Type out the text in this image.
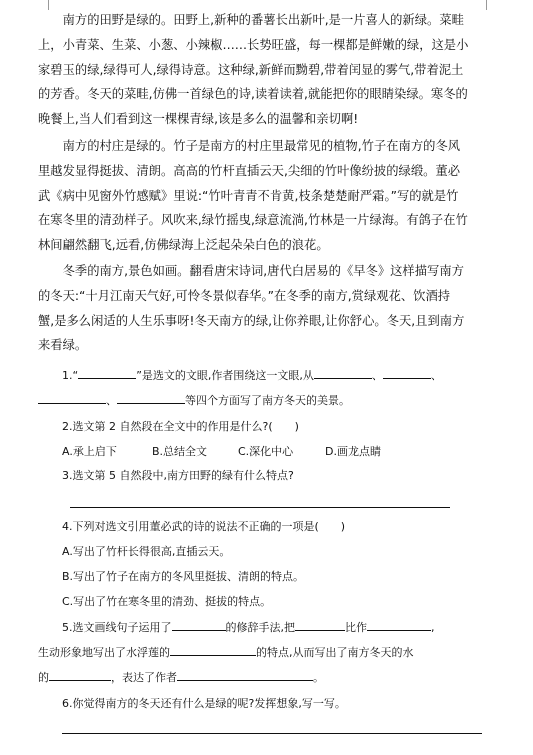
　　南方的田野是绿的。田野上,新种的番薯长出新叶,是一片喜人的新绿。菜畦
上，小青菜、生菜、小葱、小辣椒……长势旺盛，每一棵都是鲜嫩的绿，这是小
家碧玉的绿,绿得可人,绿得诗意。这种绿,新鲜而黝碧,带着闰显的雾气,带着泥土
的芳香。冬天的菜畦,仿佛一首绿色的诗,读着读着,就能把你的眼睛染绿。寒冬的
晚餐上,当人们看到这一棵棵青绿,该是多么的温馨和亲切啊!
　　南方的村庄是绿的。竹子是南方的村庄里最常见的植物,竹子在南方的冬风
里越发显得挺拔、清朗。高高的竹杆直插云天,尖细的竹叶像纷披的绿缎。董必
武《病中见窗外竹感赋》里说:“竹叶青青不肯黄,枝条楚楚耐严霜。”写的就是竹
在寒冬里的清劲样子。风吹来,绿竹摇曳,绿意流淌,竹林是一片绿海。有鸽子在竹
林间翩然翻飞,远看,仿佛绿海上泛起朵朵白色的浪花。
　　冬季的南方,景色如画。翻看唐宋诗词,唐代白居易的《早冬》这样描写南方
的冬天:“十月江南天气好,可怜冬景似春华。”在冬季的南方,赏绿观花、饮酒持
蟹,是多么闲适的人生乐事呀!冬天南方的绿,让你养眼,让你舒心。冬天,且到南方
来看绿。
1.“	”是选文的文眼,作者围绕这一文眼,从	、	、
、	等四个方面写了南方冬天的美景。
2.选文第 2 自然段在全文中的作用是什么?(　　)
A.承上启下	B.总结全文	C.深化中心	D.画龙点睛
3.选文第 5 自然段中,南方田野的绿有什么特点?
4.下列对选文引用董必武的诗的说法不正确的一项是(　　)
A.写出了竹杆长得很高,直插云天。
B.写出了竹子在南方的冬风里挺拔、清朗的特点。
C.写出了竹在寒冬里的清劲、挺拔的特点。
5.选文画线句子运用了	的修辞手法,把	比作	,
生动形象地写出了水浮莲的	的特点,从而写出了南方冬天的水
的	，表达了作者	。
6.你觉得南方的冬天还有什么是绿的呢?发挥想象,写一写。
